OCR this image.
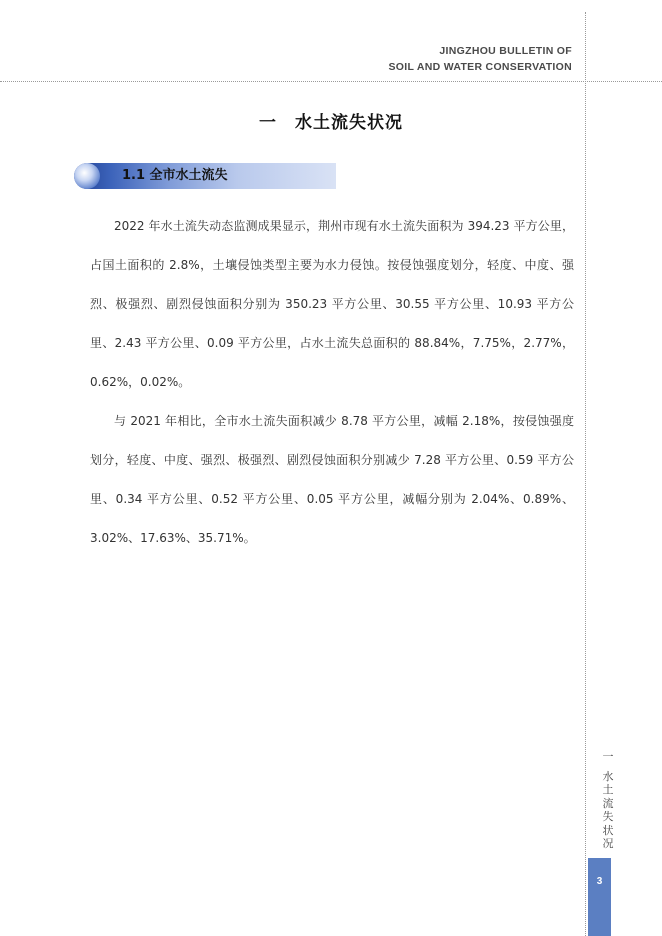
JINGZHOU BULLETIN OF
SOIL AND WATER CONSERVATION
一　水土流失状况
1.1 全市水土流失

2022 年水土流失动态监测成果显示，荆州市现有水土流失面积为 394.23 平方公里，占国土面积的 2.8%，土壤侵蚀类型主要为水力侵蚀。按侵蚀强度划分，轻度、中度、强烈、极强烈、剧烈侵蚀面积分别为 350.23 平方公里、30.55 平方公里、10.93 平方公里、2.43 平方公里、0.09 平方公里，占水土流失总面积的 88.84%，7.75%，2.77%，0.62%，0.02%。

与 2021 年相比，全市水土流失面积减少 8.78 平方公里，减幅 2.18%，按侵蚀强度划分，轻度、中度、强烈、极强烈、剧烈侵蚀面积分别减少 7.28 平方公里、0.59 平方公里、0.34 平方公里、0.52 平方公里、0.05 平方公里，减幅分别为 2.04%、0.89%、3.02%、17.63%、35.71%。

一
水土流失状况
3
